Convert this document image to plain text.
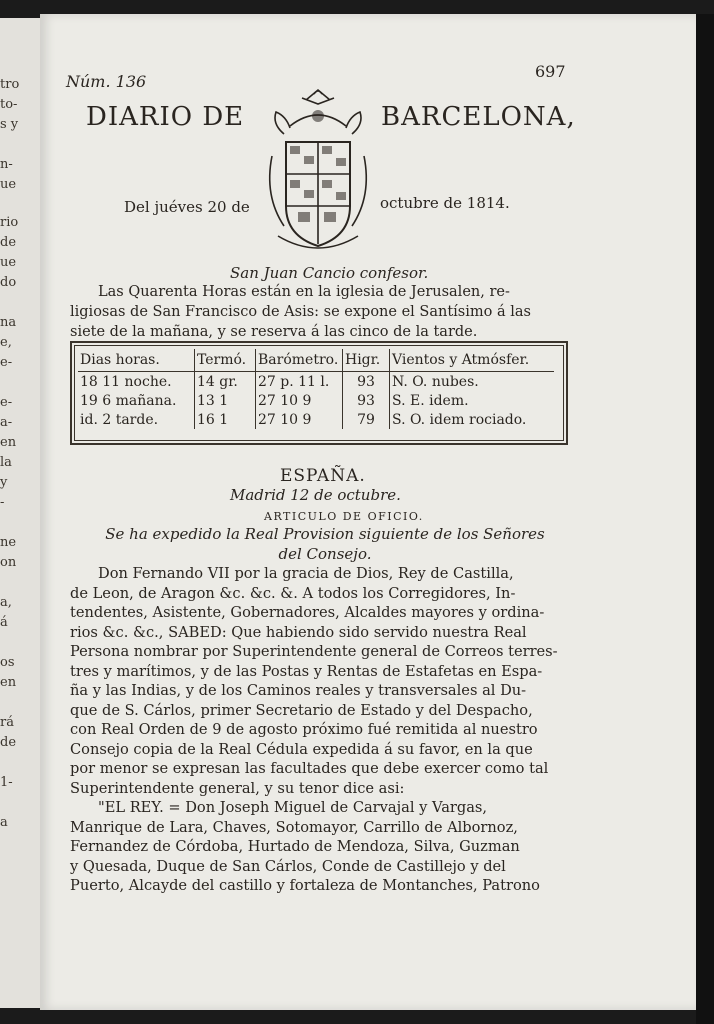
tro
to-
s y
n-
ue
rio
de
ue
do
na
e,
e-
e-
a-
en
la
y
-
ne
on
a,
á
os
en
rá
de
1-
a
Núm. 136
697
DIARIO DE	BARCELONA,
Del juéves 20 de	octubre de 1814.
San Juan Cancio confesor.
Las Quarenta Horas están en la iglesia de Jerusalen, re-
ligiosas de San Francisco de Asis: se expone el Santísimo á las
siete de la mañana, y se reserva á las cinco de la tarde.
Dias horas.	Termó.	Barómetro.	Higr.	Vientos y Atmósfer.
18 11 noche.	14 gr.	27 p. 11 l.	93	N. O. nubes.
19 6 mañana.	13 1	27 10 9	93	S. E. idem.
id. 2 tarde.	16 1	27 10 9	79	S. O. idem rociado.
ESPAÑA.
Madrid 12 de octubre.
ARTICULO DE OFICIO.
Se ha expedido la Real Provision siguiente de los Señores
del Consejo.
Don Fernando VII por la gracia de Dios, Rey de Castilla,
de Leon, de Aragon &c. &c. &. A todos los Corregidores, In-
tendentes, Asistente, Gobernadores, Alcaldes mayores y ordina-
rios &c. &c., SABED: Que habiendo sido servido nuestra Real
Persona nombrar por Superintendente general de Correos terres-
tres y marítimos, y de las Postas y Rentas de Estafetas en Espa-
ña y las Indias, y de los Caminos reales y transversales al Du-
que de S. Cárlos, primer Secretario de Estado y del Despacho,
con Real Orden de 9 de agosto próximo fué remitida al nuestro
Consejo copia de la Real Cédula expedida á su favor, en la que
por menor se expresan las facultades que debe exercer como tal
Superintendente general, y su tenor dice asi:
"EL REY. = Don Joseph Miguel de Carvajal y Vargas,
Manrique de Lara, Chaves, Sotomayor, Carrillo de Albornoz,
Fernandez de Córdoba, Hurtado de Mendoza, Silva, Guzman
y Quesada, Duque de San Cárlos, Conde de Castillejo y del
Puerto, Alcayde del castillo y fortaleza de Montanches, Patrono
